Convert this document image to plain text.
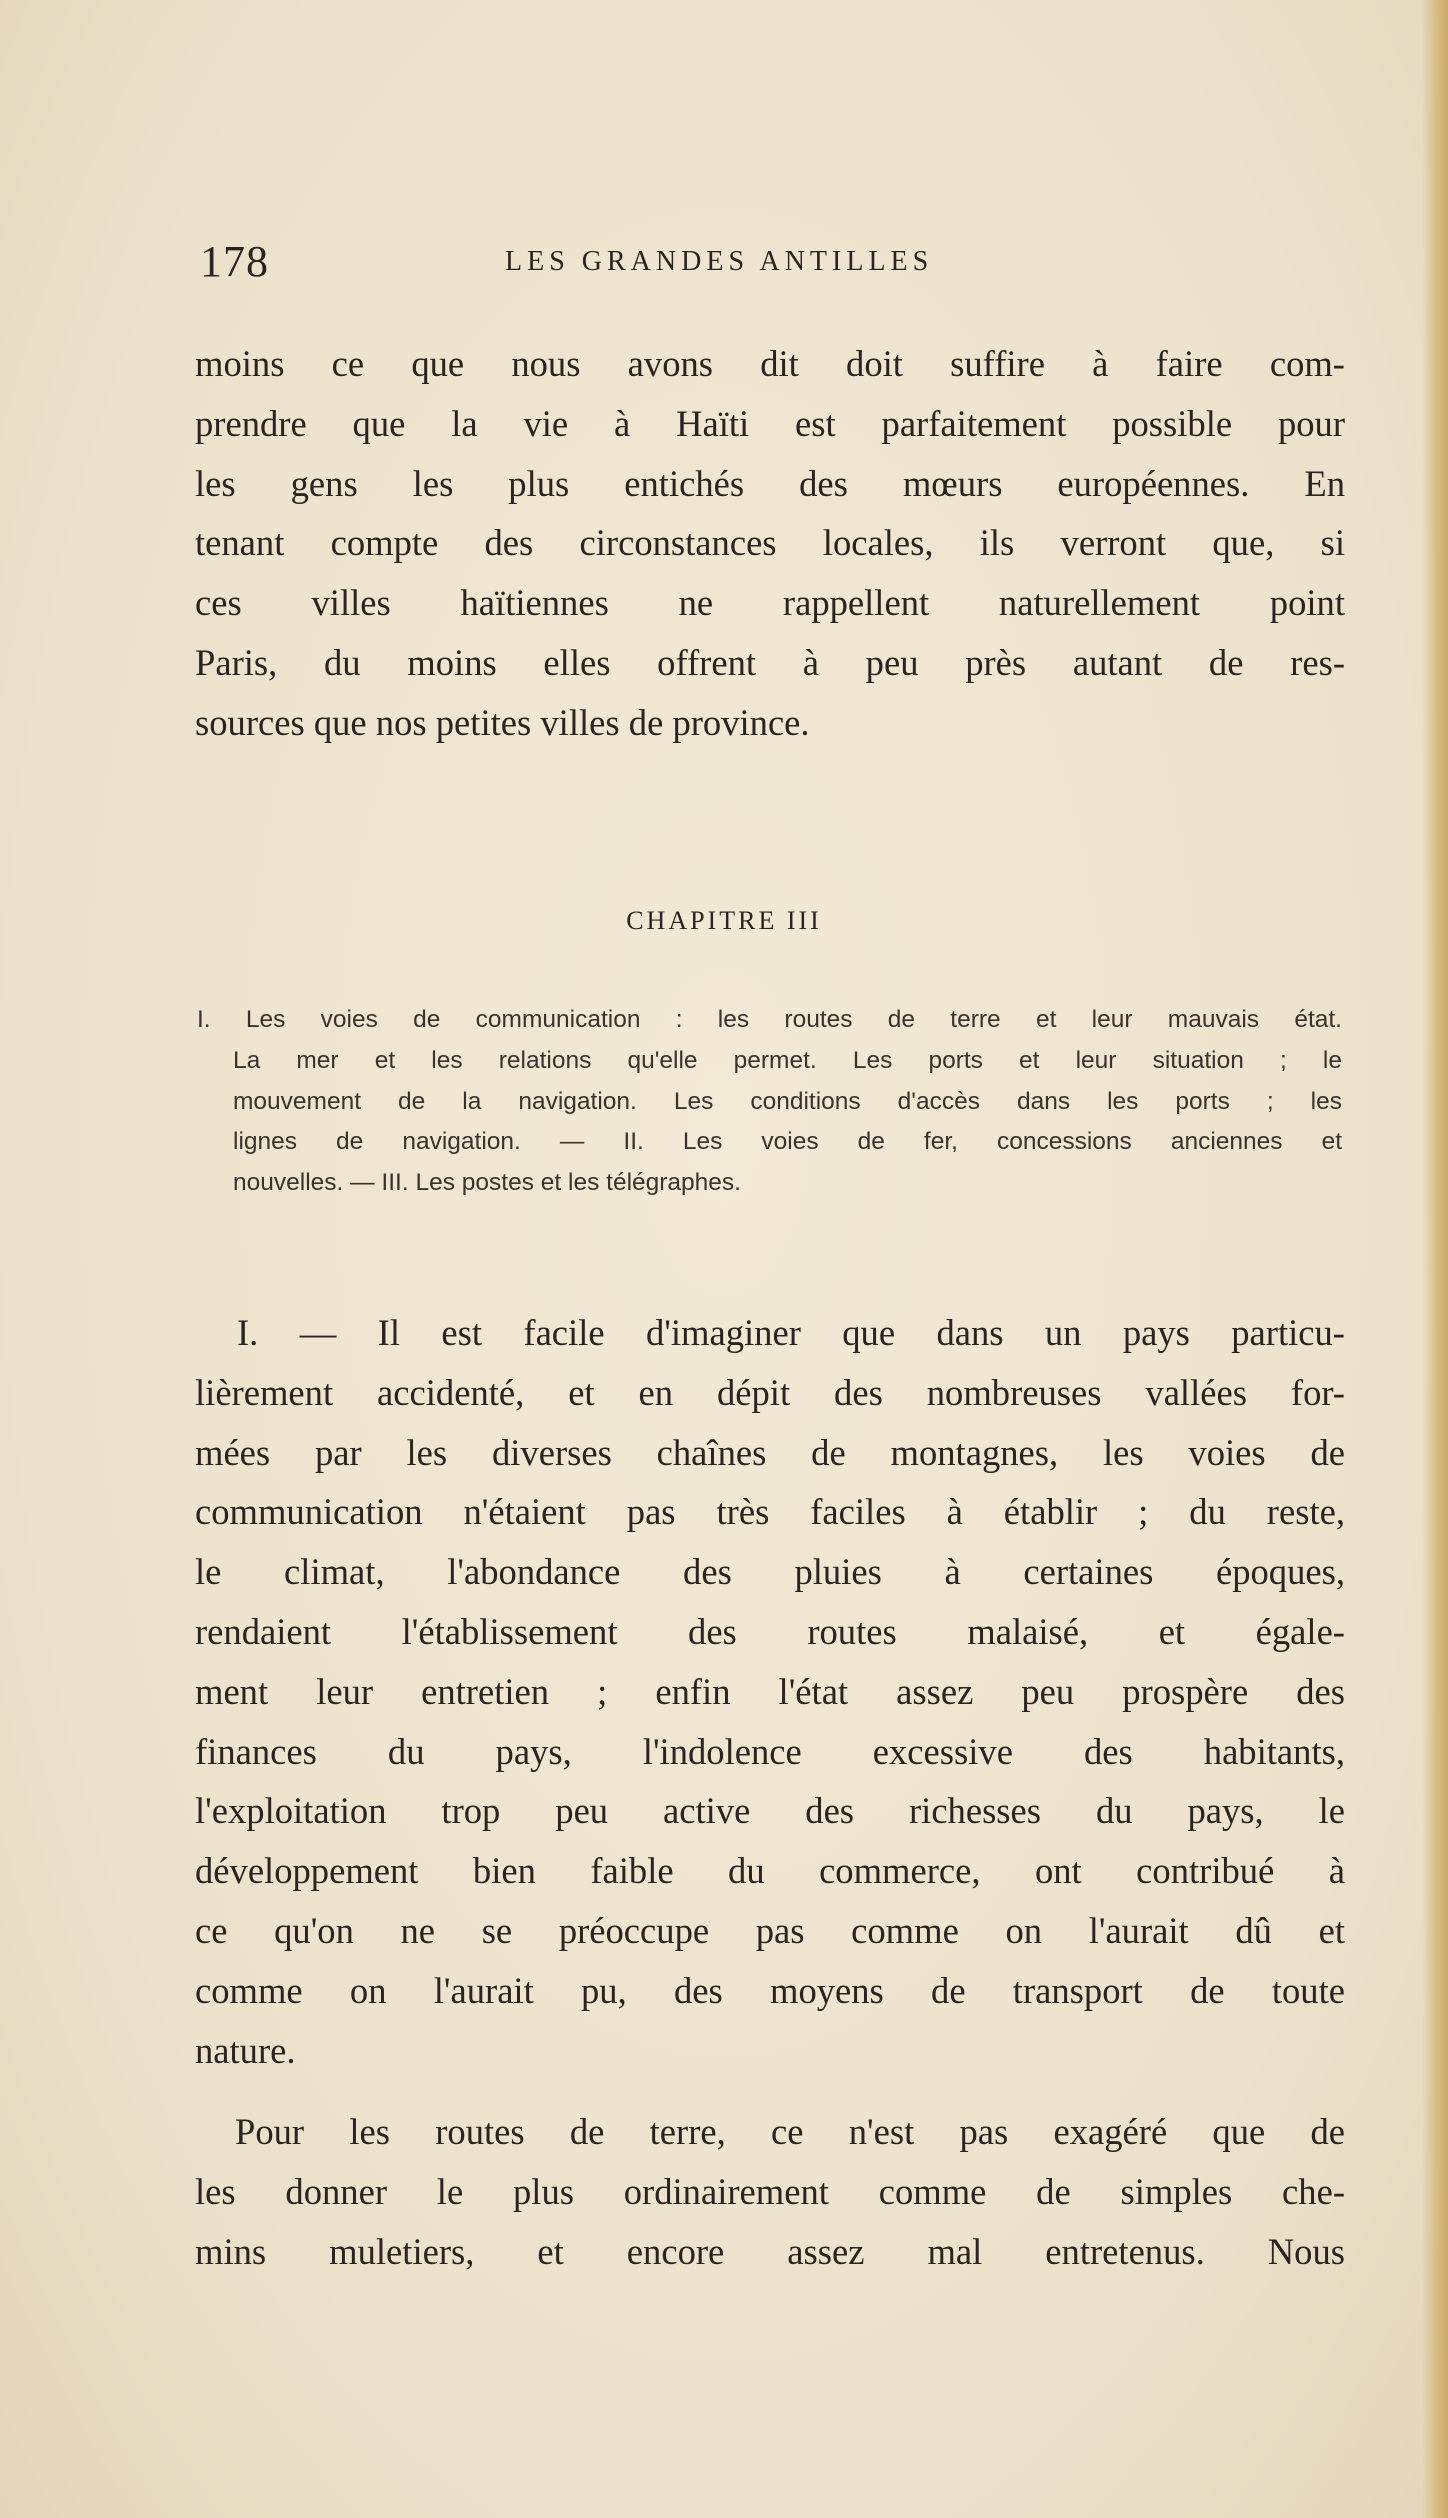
178	LES GRANDES ANTILLES
moins ce que nous avons dit doit suffire à faire com-
prendre que la vie à Haïti est parfaitement possible pour
les gens les plus entichés des mœurs européennes. En
tenant compte des circonstances locales, ils verront que, si
ces villes haïtiennes ne rappellent naturellement point
Paris, du moins elles offrent à peu près autant de res-
sources que nos petites villes de province.
CHAPITRE III
I. Les voies de communication : les routes de terre et leur mauvais état.
La mer et les relations qu'elle permet. Les ports et leur situation ; le
mouvement de la navigation. Les conditions d'accès dans les ports ; les
lignes de navigation. — II. Les voies de fer, concessions anciennes et
nouvelles. — III. Les postes et les télégraphes.
I. — Il est facile d'imaginer que dans un pays particu-
lièrement accidenté, et en dépit des nombreuses vallées for-
mées par les diverses chaînes de montagnes, les voies de
communication n'étaient pas très faciles à établir ; du reste,
le climat, l'abondance des pluies à certaines époques,
rendaient l'établissement des routes malaisé, et égale-
ment leur entretien ; enfin l'état assez peu prospère des
finances du pays, l'indolence excessive des habitants,
l'exploitation trop peu active des richesses du pays, le
développement bien faible du commerce, ont contribué à
ce qu'on ne se préoccupe pas comme on l'aurait dû et
comme on l'aurait pu, des moyens de transport de toute
nature.
Pour les routes de terre, ce n'est pas exagéré que de
les donner le plus ordinairement comme de simples che-
mins muletiers, et encore assez mal entretenus. Nous
